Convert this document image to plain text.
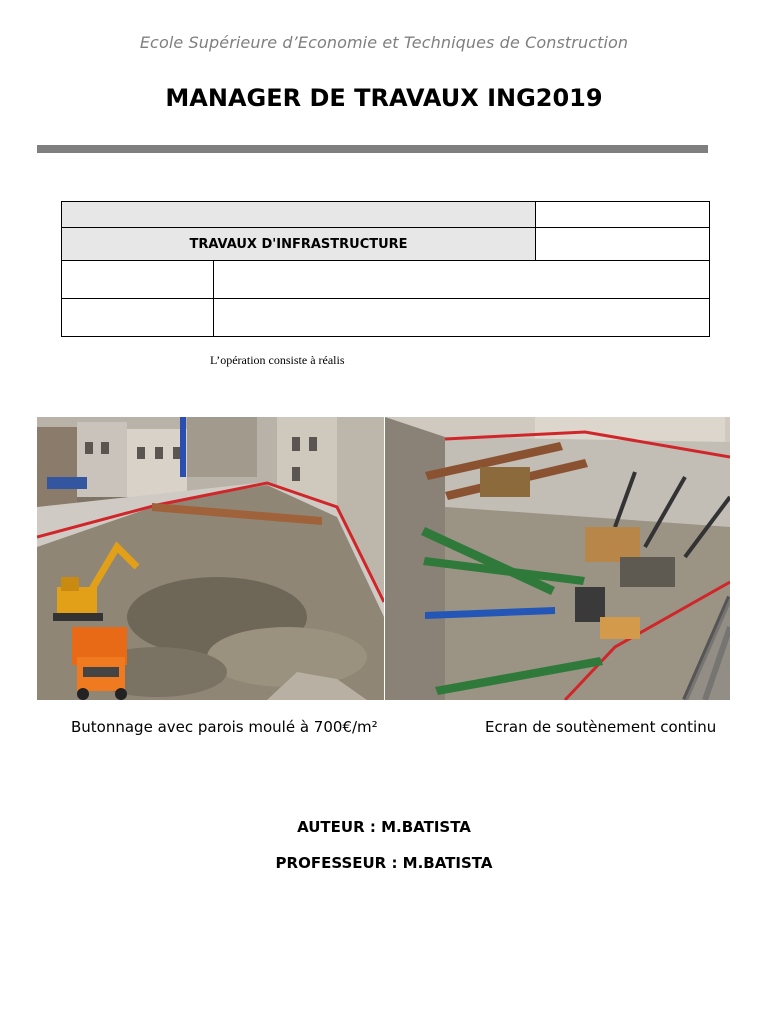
Ecole Supérieure d’Economie et Techniques de Construction
MANAGER DE TRAVAUX ING2019

TRAVAUX D'INFRASTRUCTURE		

L’opération consiste à réalis
Butonnage avec parois moulé à 700€/m²	Ecran de soutènement continu
AUTEUR : M.BATISTA
PROFESSEUR : M.BATISTA
